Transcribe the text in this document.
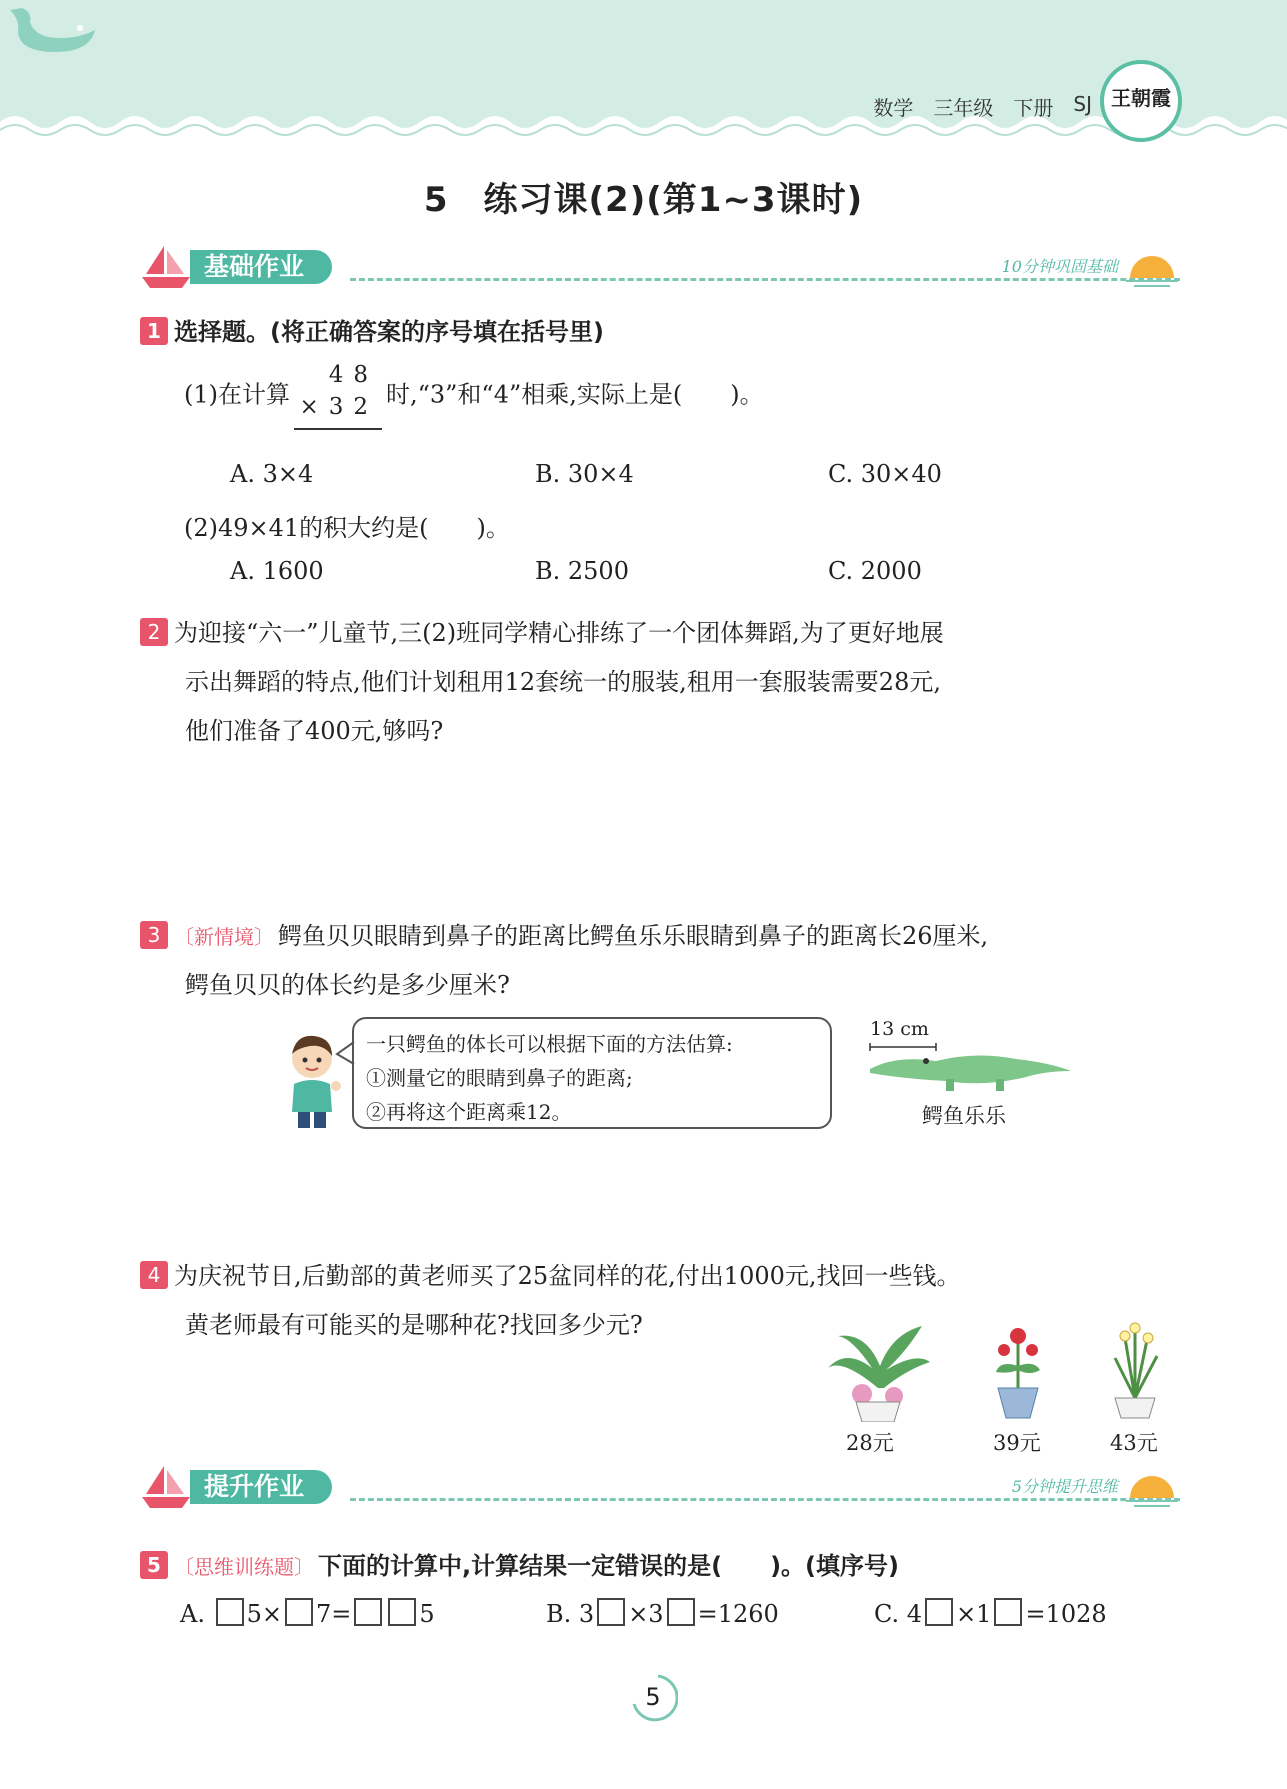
数学 三年级 下册 SJ 王朝霞
5　练习课(2)(第1~3课时)
基础作业	10分钟巩固基础
1 选择题。(将正确答案的序号填在括号里)
(1)在计算
48
×32 时,“3”和“4”相乘,实际上是(　　)。
A. 3×4	B. 30×4	C. 30×40
(2)49×41的积大约是(　　)。
A. 1600	B. 2500	C. 2000
2 为迎接“六一”儿童节,三(2)班同学精心排练了一个团体舞蹈,为了更好地展
示出舞蹈的特点,他们计划租用12套统一的服装,租用一套服装需要28元,
他们准备了400元,够吗?
3 〔新情境〕 鳄鱼贝贝眼睛到鼻子的距离比鳄鱼乐乐眼睛到鼻子的距离长26厘米,
鳄鱼贝贝的体长约是多少厘米?
一只鳄鱼的体长可以根据下面的方法估算:
①测量它的眼睛到鼻子的距离;
②再将这个距离乘12。
13 cm
鳄鱼乐乐
4 为庆祝节日,后勤部的黄老师买了25盆同样的花,付出1000元,找回一些钱。
黄老师最有可能买的是哪种花?找回多少元?
28元	39元	43元
提升作业	5分钟提升思维
5 〔思维训练题〕 下面的计算中,计算结果一定错误的是(　　)。(填序号)
A. 5× 7=	5	B. 3 ×3 =1260	C. 4 ×1 =1028
5
